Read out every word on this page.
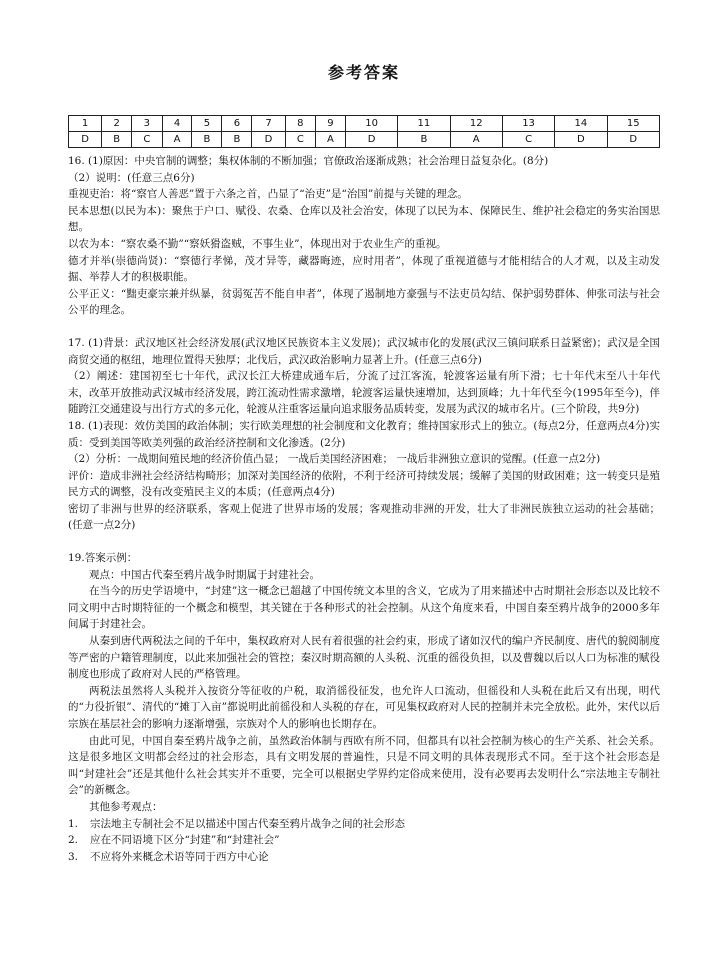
参考答案
1	2	3	4	5	6	7	8	9	10	11	12	13	14	15
D	B	C	A	B	B	D	C	A	D	B	A	C	D	D

16. (1)原因：中央官制的调整；集权体制的不断加强；官僚政治逐渐成熟；社会治理日益复杂化。(8分)

（2）说明：(任意三点6分)

重视吏治：将“察官人善恶”置于六条之首，凸显了“治吏”是“治国”前提与关键的理念。

民本思想(以民为本)：聚焦于户口、赋役、农桑、仓库以及社会治安，体现了以民为本、保障民生、维护社会稳定的务实治国思想。

以农为本：“察农桑不勤”“察妖猾盗贼，不事生业”，体现出对于农业生产的重视。

德才并举(崇德尚贤)：“察德行孝悌，茂才异等，藏器晦迹，应时用者”，体现了重视道德与才能相结合的人才观，以及主动发掘、举荐人才的积极职能。

公平正义：“黜吏豪宗兼并纵暴，贫弱冤苦不能自申者”，体现了遏制地方豪强与不法吏员勾结、保护弱势群体、伸张司法与社会公平的理念。

17. (1)背景：武汉地区社会经济发展(武汉地区民族资本主义发展)；武汉城市化的发展(武汉三镇问联系日益紧密)；武汉是全国商贸交通的枢纽，地理位置得天独厚；北伐后，武汉政治影响力显著上升。(任意三点6分)

（2）阐述：建国初至七十年代，武汉长江大桥建成通车后，分流了过江客流，轮渡客运量有所下滑；七十年代末至八十年代末，改革开放推动武汉城市经济发展，跨江流动性需求激增，轮渡客运量快速增加，达到顶峰；九十年代至今(1995年至今)，伴随跨江交通建设与出行方式的多元化，轮渡从注重客运量向追求服务品质转变，发展为武汉的城市名片。(三个阶段，共9分)

18. (1)表现：效仿美国的政治体制；实行欧美理想的社会制度和文化教育；维持国家形式上的独立。(每点2分，任意两点4分)实质：受到美国等欧美列强的政治经济控制和文化渗透。(2分)

（2）分析：一战期间殖民地的经济价值凸显； 一战后美国经济困难； 一战后非洲独立意识的觉醒。(任意一点2分)

评价：造成非洲社会经济结构畸形；加深对美国经济的依附，不利于经济可持续发展；缓解了美国的财政困难；这一转变只是殖民方式的调整，没有改变殖民主义的本质；(任意两点4分)

密切了非洲与世界的经济联系，客观上促进了世界市场的发展；客观推动非洲的开发，壮大了非洲民族独立运动的社会基础；(任意一点2分)

19.答案示例：

观点：中国古代秦至鸦片战争时期属于封建社会。

在当今的历史学语境中，“封建”这一概念已超越了中国传统文本里的含义，它成为了用来描述中古时期社会形态以及比较不同文明中古时期特征的一个概念和模型，其关键在于各种形式的社会控制。从这个角度来看，中国自秦至鸦片战争的2000多年间属于封建社会。

从秦到唐代两税法之间的千年中，集权政府对人民有着很强的社会约束，形成了诸如汉代的编户齐民制度、唐代的貌阅制度等严密的户籍管理制度，以此来加强社会的管控；秦汉时期高额的人头税、沉重的徭役负担，以及曹魏以后以人口为标准的赋役制度也形成了政府对人民的严格管理。

两税法虽然将人头税并入按资分等征收的户税，取消徭役征发，也允许人口流动，但徭役和人头税在此后又有出现，明代的“力役折银”、清代的“摊丁入亩”都说明此前徭役和人头税的存在，可见集权政府对人民的控制并未完全放松。此外，宋代以后宗族在基层社会的影响力逐渐增强，宗族对个人的影响也长期存在。

由此可见，中国自秦至鸦片战争之前，虽然政治体制与西欧有所不同，但都具有以社会控制为核心的生产关系、社会关系。这是很多地区文明都会经过的社会形态，具有文明发展的普遍性，只是不同文明的具体表现形式不同。至于这个社会形态是叫“封建社会”还是其他什么社会其实并不重要，完全可以根据史学界约定俗成来使用，没有必要再去发明什么“宗法地主专制社会”的新概念。

其他参考观点：

1. 宗法地主专制社会不足以描述中国古代秦至鸦片战争之间的社会形态
2. 应在不同语境下区分“封建”和“封建社会”
3. 不应将外来概念术语等同于西方中心论
